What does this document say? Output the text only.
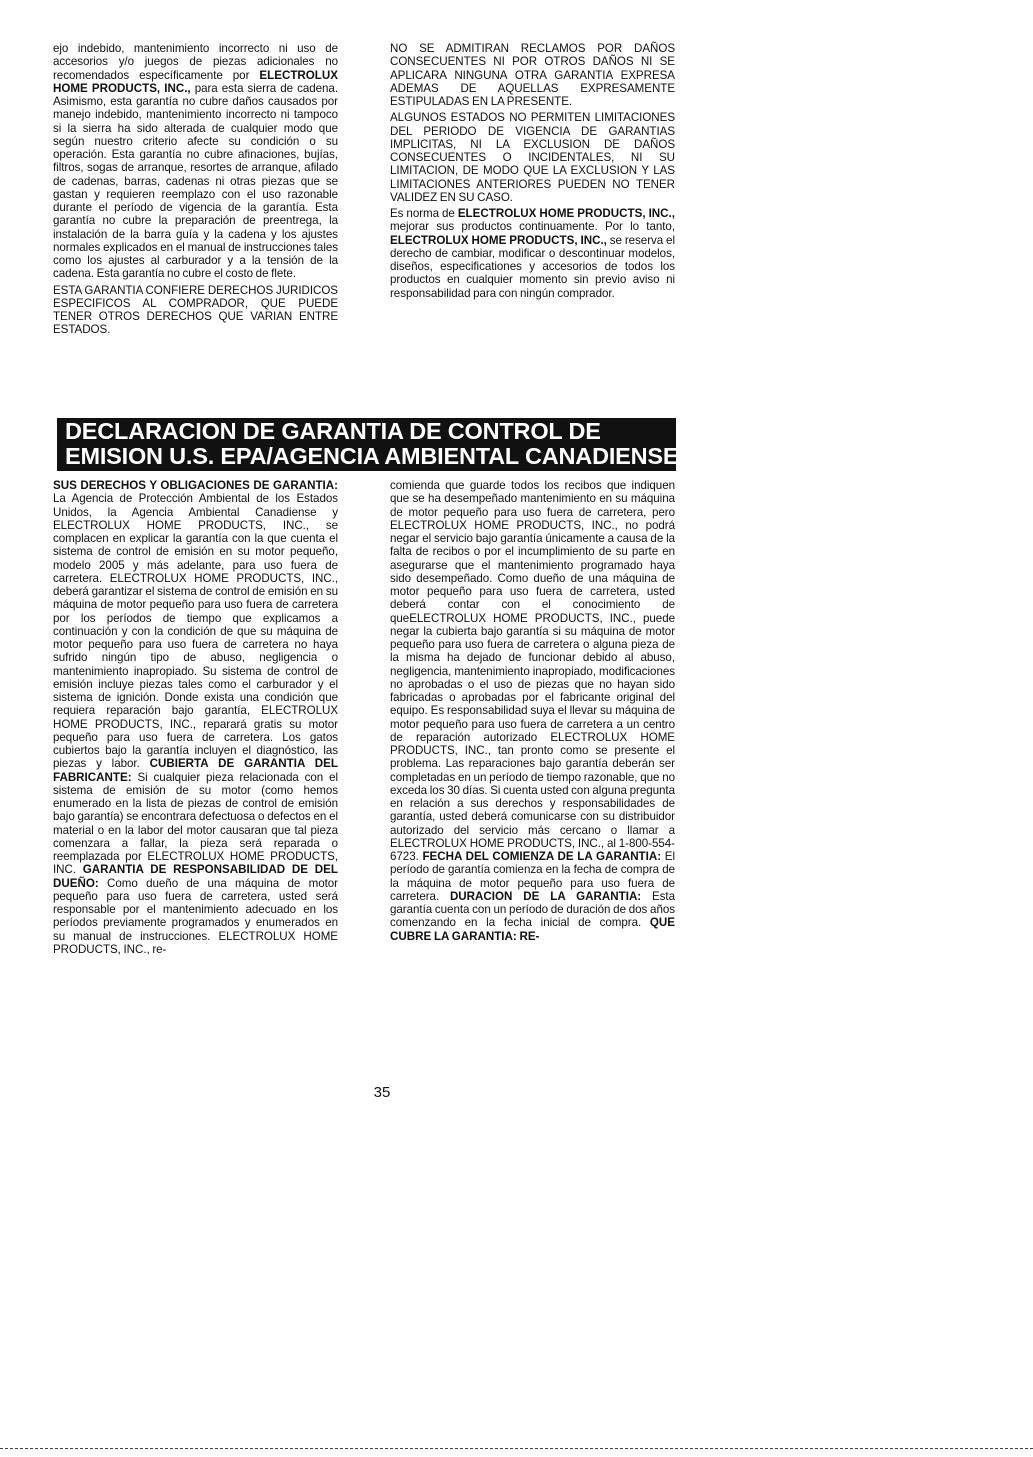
ejo indebido, mantenimiento incorrecto ni uso de accesorios y/o juegos de piezas adicionales no recomendados específicamente por ELECTROLUX HOME PRODUCTS, INC., para esta sierra de cadena. Asimismo, esta garantía no cubre daños causados por manejo indebido, mantenimiento incorrecto ni tampoco si la sierra ha sido alterada de cualquier modo que según nuestro criterio afecte su condición o su operación. Esta garantía no cubre afinaciones, bujías, filtros, sogas de arranque, resortes de arranque, afilado de cadenas, barras, cadenas ni otras piezas que se gastan y requieren reemplazo con el uso razonable durante el período de vigencia de la garantía. Esta garantía no cubre la preparación de preentrega, la instalación de la barra guía y la cadena y los ajustes normales explicados en el manual de instrucciones tales como los ajustes al carburador y a la tensión de la cadena. Esta garantía no cubre el costo de flete.

ESTA GARANTIA CONFIERE DERECHOS JURIDICOS ESPECIFICOS AL COMPRADOR, QUE PUEDE TENER OTROS DERECHOS QUE VARIAN ENTRE ESTADOS.

NO SE ADMITIRAN RECLAMOS POR DAÑOS CONSECUENTES NI POR OTROS DAÑOS NI SE APLICARA NINGUNA OTRA GARANTIA EXPRESA ADEMAS DE AQUELLAS EXPRESAMENTE ESTIPULADAS EN LA PRESENTE.

ALGUNOS ESTADOS NO PERMITEN LIMITACIONES DEL PERIODO DE VIGENCIA DE GARANTIAS IMPLICITAS, NI LA EXCLUSION DE DAÑOS CONSECUENTES O INCIDENTALES, NI SU LIMITACION, DE MODO QUE LA EXCLUSION Y LAS LIMITACIONES ANTERIORES PUEDEN NO TENER VALIDEZ EN SU CASO.

Es norma de ELECTROLUX HOME PRODUCTS, INC., mejorar sus productos continuamente. Por lo tanto, ELECTROLUX HOME PRODUCTS, INC., se reserva el derecho de cambiar, modificar o descontinuar modelos, diseños, especificationes y accesorios de todos los productos en cualquier momento sin previo aviso ni responsabilidad para con ningún comprador.

DECLARACION DE GARANTIA DE CONTROL DE
EMISION U.S. EPA/AGENCIA AMBIENTAL CANADIENSE

SUS DERECHOS Y OBLIGACIONES DE GARANTIA: La Agencia de Protección Ambiental de los Estados Unidos, la Agencia Ambiental Canadiense y ELECTROLUX HOME PRODUCTS, INC., se complacen en explicar la garantía con la que cuenta el sistema de control de emisión en su motor pequeño, modelo 2005 y más adelante, para uso fuera de carretera. ELECTROLUX HOME PRODUCTS, INC., deberá garantizar el sistema de control de emisión en su máquina de motor pequeño para uso fuera de carretera por los períodos de tiempo que explicamos a continuación y con la condición de que su máquina de motor pequeño para uso fuera de carretera no haya sufrido ningún tipo de abuso, negligencia o mantenimiento inapropiado. Su sistema de control de emisión incluye piezas tales como el carburador y el sistema de ignición. Donde exista una condición que requiera reparación bajo garantía, ELECTROLUX HOME PRODUCTS, INC., reparará gratis su motor pequeño para uso fuera de carretera. Los gatos cubiertos bajo la garantía incluyen el diagnóstico, las piezas y labor. CUBIERTA DE GARANTIA DEL FABRICANTE: Si cualquier pieza relacionada con el sistema de emisión de su motor (como hemos enumerado en la lista de piezas de control de emisión bajo garantía) se encontrara defectuosa o defectos en el material o en la labor del motor causaran que tal pieza comenzara a fallar, la pieza será reparada o reemplazada por ELECTROLUX HOME PRODUCTS, INC. GARANTIA DE RESPONSABILIDAD DE DEL DUEÑO: Como dueño de una máquina de motor pequeño para uso fuera de carretera, usted será responsable por el mantenimiento adecuado en los períodos previamente programados y enumerados en su manual de instrucciones. ELECTROLUX HOME PRODUCTS, INC., re-

comienda que guarde todos los recibos que indiquen que se ha desempeñado mantenimiento en su máquina de motor pequeño para uso fuera de carretera, pero ELECTROLUX HOME PRODUCTS, INC., no podrá negar el servicio bajo garantía únicamente a causa de la falta de recibos o por el incumplimiento de su parte en asegurarse que el mantenimiento programado haya sido desempeñado. Como dueño de una máquina de motor pequeño para uso fuera de carretera, usted deberá contar con el conocimiento de queELECTROLUX HOME PRODUCTS, INC., puede negar la cubierta bajo garantía si su máquina de motor pequeño para uso fuera de carretera o alguna pieza de la misma ha dejado de funcionar debido al abuso, negligencia, mantenimiento inapropiado, modificaciones no aprobadas o el uso de piezas que no hayan sido fabricadas o aprobadas por el fabricante original del equipo. Es responsabilidad suya el llevar su máquina de motor pequeño para uso fuera de carretera a un centro de reparación autorizado ELECTROLUX HOME PRODUCTS, INC., tan pronto como se presente el problema. Las reparaciones bajo garantía deberán ser completadas en un período de tiempo razonable, que no exceda los 30 días. Si cuenta usted con alguna pregunta en relación a sus derechos y responsabilidades de garantía, usted deberá comunicarse con su distribuidor autorizado del servicio más cercano o llamar a ELECTROLUX HOME PRODUCTS, INC., al 1-800-554-6723. FECHA DEL COMIENZA DE LA GARANTIA: El período de garantía comienza en la fecha de compra de la máquina de motor pequeño para uso fuera de carretera. DURACION DE LA GARANTIA: Esta garantía cuenta con un período de duración de dos años comenzando en la fecha inicial de compra. QUE CUBRE LA GARANTIA: RE-

35
